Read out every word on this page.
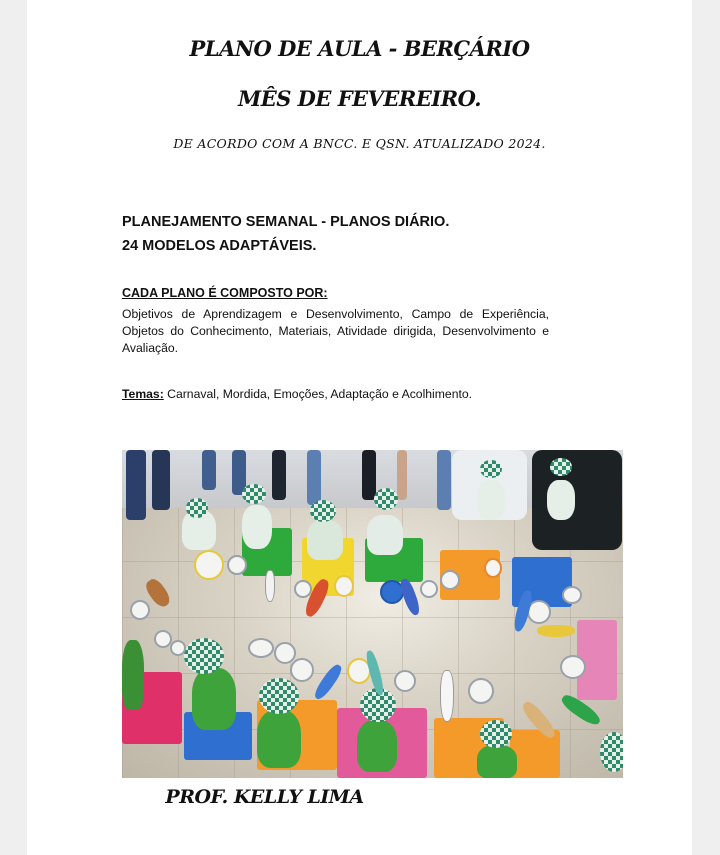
PLANO DE AULA - BERÇÁRIO
MÊS DE FEVEREIRO.
DE ACORDO COM A BNCC. E QSN. ATUALIZADO 2024.
PLANEJAMENTO SEMANAL - PLANOS DIÁRIO.
24 MODELOS ADAPTÁVEIS.
CADA PLANO É COMPOSTO POR:
Objetivos de Aprendizagem e Desenvolvimento, Campo de Experiência, Objetos do Conhecimento, Materiais, Atividade dirigida, Desenvolvimento e Avaliação.
Temas: Carnaval, Mordida, Emoções, Adaptação e Acolhimento.
PROF. KELLY LIMA
